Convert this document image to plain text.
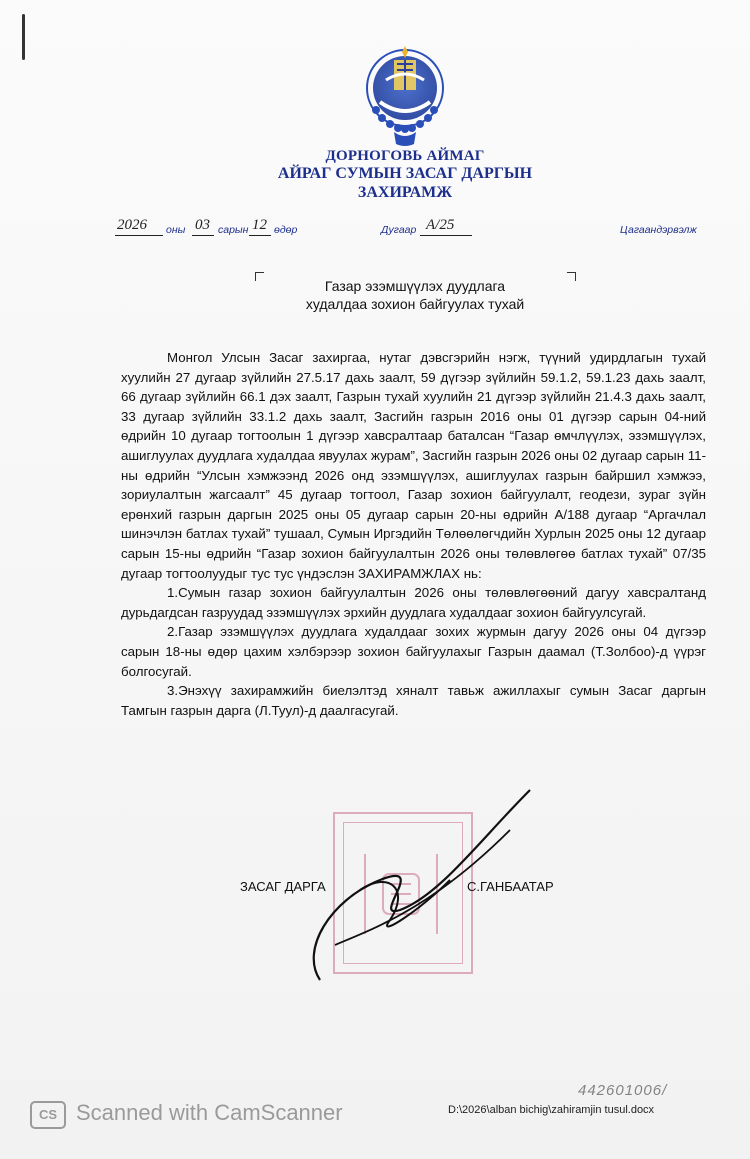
ДОРНОГОВЬ АЙМАГ
АЙРАГ СУМЫН ЗАСАГ ДАРГЫН
ЗАХИРАМЖ
2026 оны 03 сарын 12 өдөр	Дугаар А/25	Цагаандэрвэлж
Газар эзэмшүүлэх дуудлага
худалдаа зохион байгуулах тухай

Монгол Улсын Засаг захиргаа, нутаг дэвсгэрийн нэгж, түүний удирдлагын тухай хуулийн 27 дугаар зүйлийн 27.5.17 дахь заалт, 59 дүгээр зүйлийн 59.1.2, 59.1.23 дахь заалт, 66 дугаар зүйлийн 66.1 дэх заалт, Газрын тухай хуулийн 21 дүгээр зүйлийн 21.4.3 дахь заалт, 33 дугаар зүйлийн 33.1.2 дахь заалт, Засгийн газрын 2016 оны 01 дүгээр сарын 04-ний өдрийн 10 дугаар тогтоолын 1 дүгээр хавсралтаар баталсан “Газар өмчлүүлэх, эзэмшүүлэх, ашиглуулах дуудлага худалдаа явуулах журам”, Засгийн газрын 2026 оны 02 дугаар сарын 11-ны өдрийн “Улсын хэмжээнд 2026 онд эзэмшүүлэх, ашиглуулах газрын байршил хэмжээ, зориулалтын жагсаалт” 45 дугаар тогтоол, Газар зохион байгуулалт, геодези, зураг зүйн ерөнхий газрын даргын 2025 оны 05 дугаар сарын 20-ны өдрийн А/188 дугаар “Аргачлал шинэчлэн батлах тухай” тушаал, Сумын Иргэдийн Төлөөлөгчдийн Хурлын 2025 оны 12 дугаар сарын 15-ны өдрийн “Газар зохион байгуулалтын 2026 оны төлөвлөгөө батлах тухай” 07/35 дугаар тогтоолуудыг тус тус үндэслэн ЗАХИРАМЖЛАХ нь:

1.Сумын газар зохион байгуулалтын 2026 оны төлөвлөгөөний дагуу хавсралтанд дурьдагдсан газруудад эзэмшүүлэх эрхийн дуудлага худалдааг зохион байгуулсугай.

2.Газар эзэмшүүлэх дуудлага худалдааг зохих журмын дагуу 2026 оны 04 дүгээр сарын 18-ны өдөр цахим хэлбэрээр зохион байгуулахыг Газрын даамал (Т.Золбоо)-д үүрэг болгосугай.

3.Энэхүү захирамжийн биелэлтэд хяналт тавьж ажиллахыг сумын Засаг даргын Тамгын газрын дарга (Л.Туул)-д даалгасугай.

ЗАСАГ ДАРГА	С.ГАНБААТАР
442601006/
D:\2026\alban bichig\zahiramjin tusul.docx
CS Scanned with CamScanner
